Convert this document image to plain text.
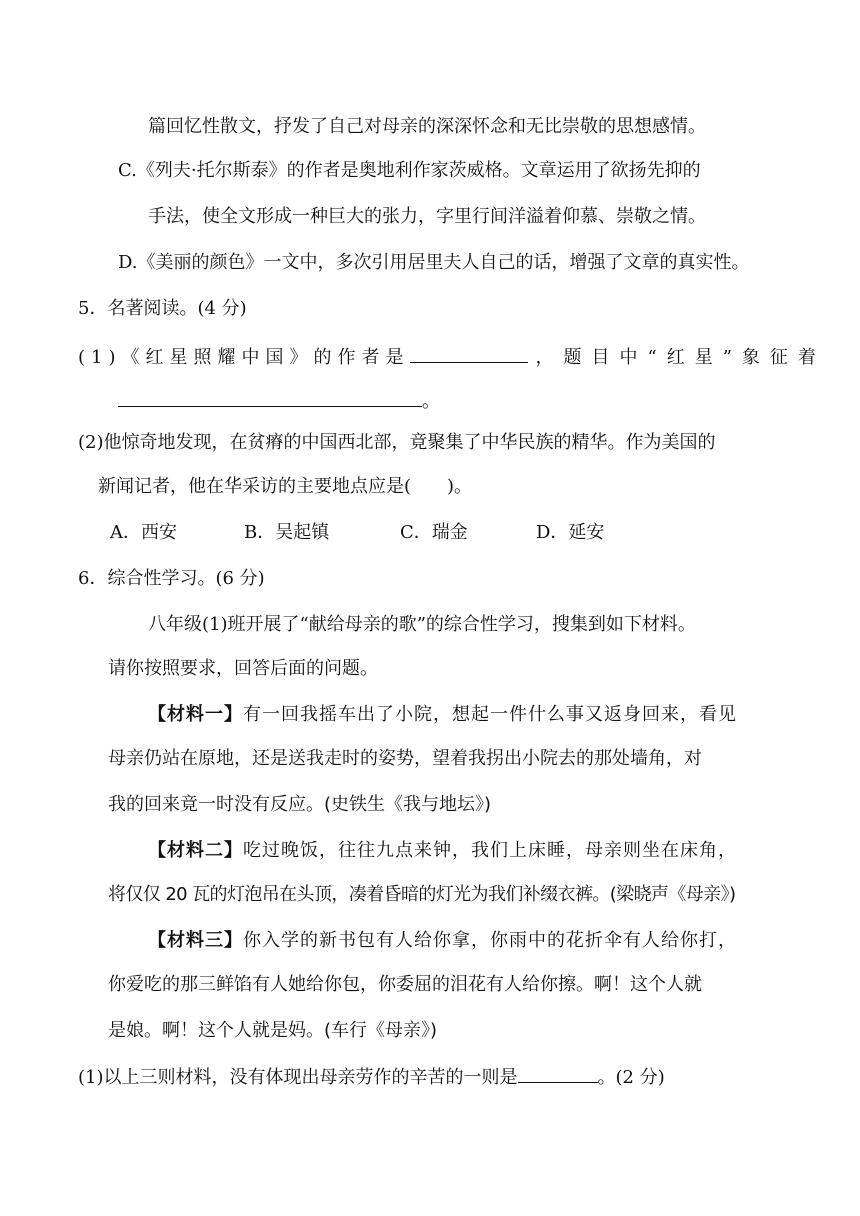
篇回忆性散文，抒发了自己对母亲的深深怀念和无比崇敬的思想感情。
C.《列夫·托尔斯泰》的作者是奥地利作家茨威格。文章运用了欲扬先抑的
手法，使全文形成一种巨大的张力，字里行间洋溢着仰慕、崇敬之情。
D.《美丽的颜色》一文中，多次引用居里夫人自己的话，增强了文章的真实性。
5．名著阅读。(4 分)
(1)《红星照耀中国》的作者是	，题目中“红星”象征着
。
(2)他惊奇地发现，在贫瘠的中国西北部，竟聚集了中华民族的精华。作为美国的
新闻记者，他在华采访的主要地点应是(　　)。
A．西安	B．吴起镇	C．瑞金	D．延安
6．综合性学习。(6 分)
八年级(1)班开展了“献给母亲的歌”的综合性学习，搜集到如下材料。
请你按照要求，回答后面的问题。
【材料一】有一回我摇车出了小院，想起一件什么事又返身回来，看见
母亲仍站在原地，还是送我走时的姿势，望着我拐出小院去的那处墙角，对
我的回来竟一时没有反应。(史铁生《我与地坛》)
【材料二】吃过晚饭，往往九点来钟，我们上床睡，母亲则坐在床角，
将仅仅 20 瓦的灯泡吊在头顶，凑着昏暗的灯光为我们补缀衣裤。(梁晓声《母亲》)
【材料三】你入学的新书包有人给你拿，你雨中的花折伞有人给你打，
你爱吃的那三鲜馅有人她给你包，你委屈的泪花有人给你擦。啊！这个人就
是娘。啊！这个人就是妈。(车行《母亲》)
(1)以上三则材料，没有体现出母亲劳作的辛苦的一则是	。(2 分)
